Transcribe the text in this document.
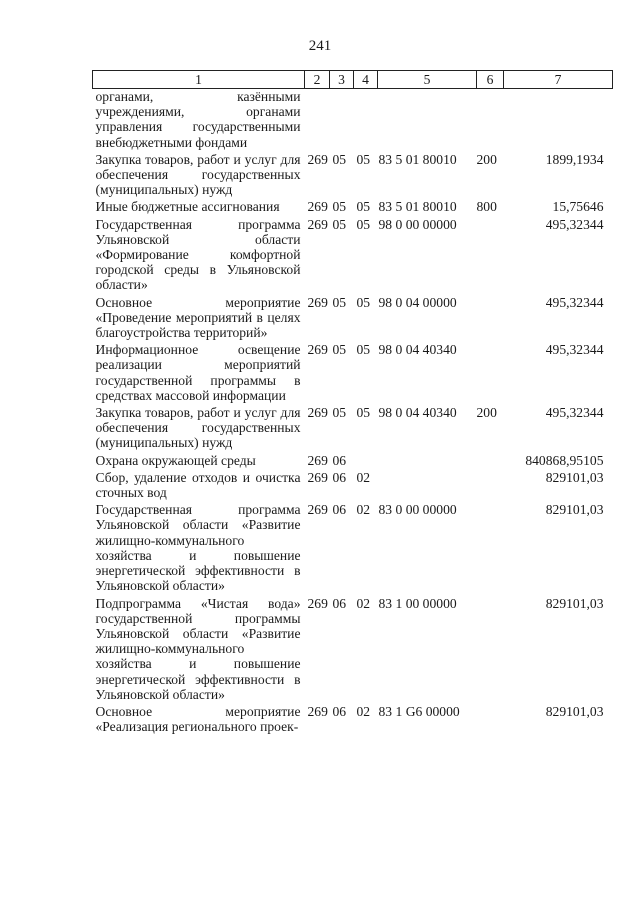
241
1	2	3	4	5	6	7
органами, казёнными учреждениями, органами управления государственными внебюджетными фондами						
Закупка товаров, работ и услуг для обеспечения государственных (муниципальных) нужд	269	05	05	83 5 01 80010	200	1899,1934
Иные бюджетные ассигнования	269	05	05	83 5 01 80010	800	15,75646
Государственная программа Ульяновской области «Формирование комфортной городской среды в Ульяновской области»	269	05	05	98 0 00 00000		495,32344
Основное мероприятие «Проведение мероприятий в целях благоустройства территорий»	269	05	05	98 0 04 00000		495,32344
Информационное освещение реализации мероприятий государственной программы в средствах массовой информации	269	05	05	98 0 04 40340		495,32344
Закупка товаров, работ и услуг для обеспечения государственных (муниципальных) нужд	269	05	05	98 0 04 40340	200	495,32344
Охрана окружающей среды	269	06				840868,95105
Сбор, удаление отходов и очистка сточных вод	269	06	02			829101,03
Государственная программа Ульяновской области «Развитие жилищно-коммунального хозяйства и повышение энергетической эффективности в Ульяновской области»	269	06	02	83 0 00 00000		829101,03
Подпрограмма «Чистая вода» государственной программы Ульяновской области «Развитие жилищно-коммунального хозяйства и повышение энергетической эффективности в Ульяновской области»	269	06	02	83 1 00 00000		829101,03
Основное мероприятие «Реализация регионального проек-	269	06	02	83 1 G6 00000		829101,03
